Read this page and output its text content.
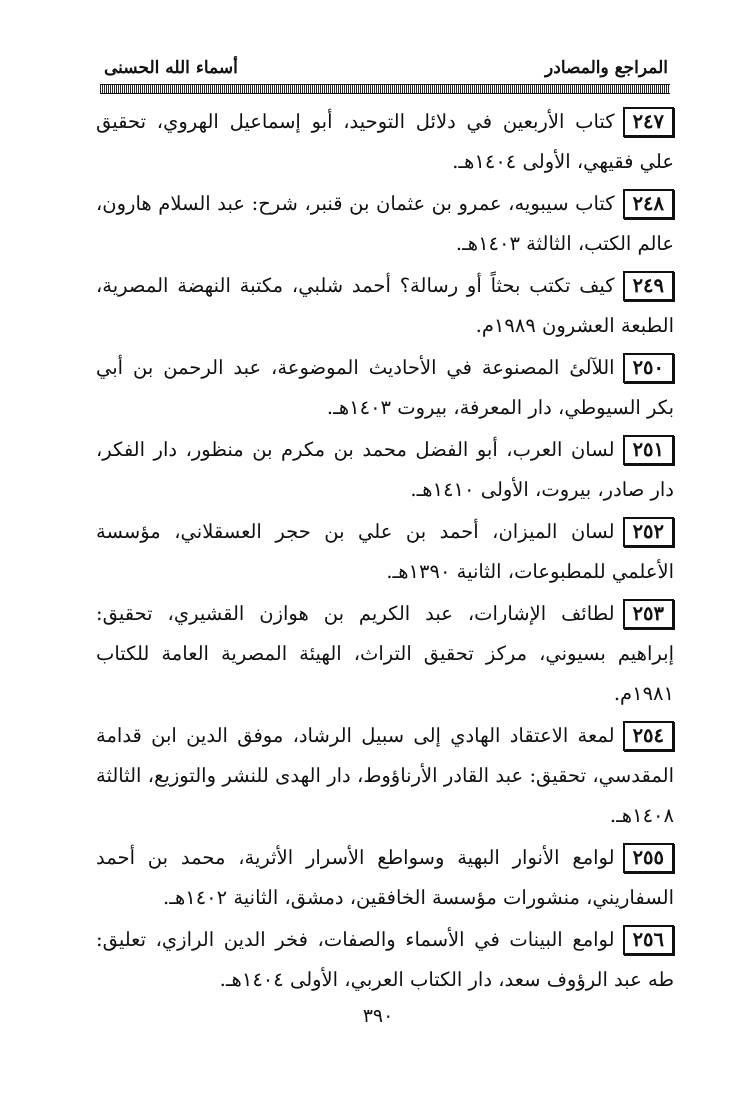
المراجع والمصادر
أسماء الله الحسنى
٢٤٧كتاب الأربعين في دلائل التوحيد، أبو إسماعيل الهروي، تحقيق علي فقيهي، الأولى ١٤٠٤هـ.
٢٤٨كتاب سيبويه، عمرو بن عثمان بن قنبر، شرح: عبد السلام هارون، عالم الكتب، الثالثة ١٤٠٣هـ.
٢٤٩كيف تكتب بحثاً أو رسالة؟ أحمد شلبي، مكتبة النهضة المصرية، الطبعة العشرون ١٩٨٩م.
٢٥٠اللآلئ المصنوعة في الأحاديث الموضوعة، عبد الرحمن بن أبي بكر السيوطي، دار المعرفة، بيروت ١٤٠٣هـ.
٢٥١لسان العرب، أبو الفضل محمد بن مكرم بن منظور، دار الفكر، دار صادر، بيروت، الأولى ١٤١٠هـ.
٢٥٢لسان الميزان، أحمد بن علي بن حجر العسقلاني، مؤسسة الأعلمي للمطبوعات، الثانية ١٣٩٠هـ.
٢٥٣لطائف الإشارات، عبد الكريم بن هوازن القشيري، تحقيق: إبراهيم بسيوني، مركز تحقيق التراث، الهيئة المصرية العامة للكتاب ١٩٨١م.
٢٥٤لمعة الاعتقاد الهادي إلى سبيل الرشاد، موفق الدين ابن قدامة المقدسي، تحقيق: عبد القادر الأرناؤوط، دار الهدى للنشر والتوزيع، الثالثة ١٤٠٨هـ.
٢٥٥لوامع الأنوار البهية وسواطع الأسرار الأثرية، محمد بن أحمد السفاريني، منشورات مؤسسة الخافقين، دمشق، الثانية ١٤٠٢هـ.
٢٥٦لوامع البينات في الأسماء والصفات، فخر الدين الرازي، تعليق: طه عبد الرؤوف سعد، دار الكتاب العربي، الأولى ١٤٠٤هـ.
٣٩٠
